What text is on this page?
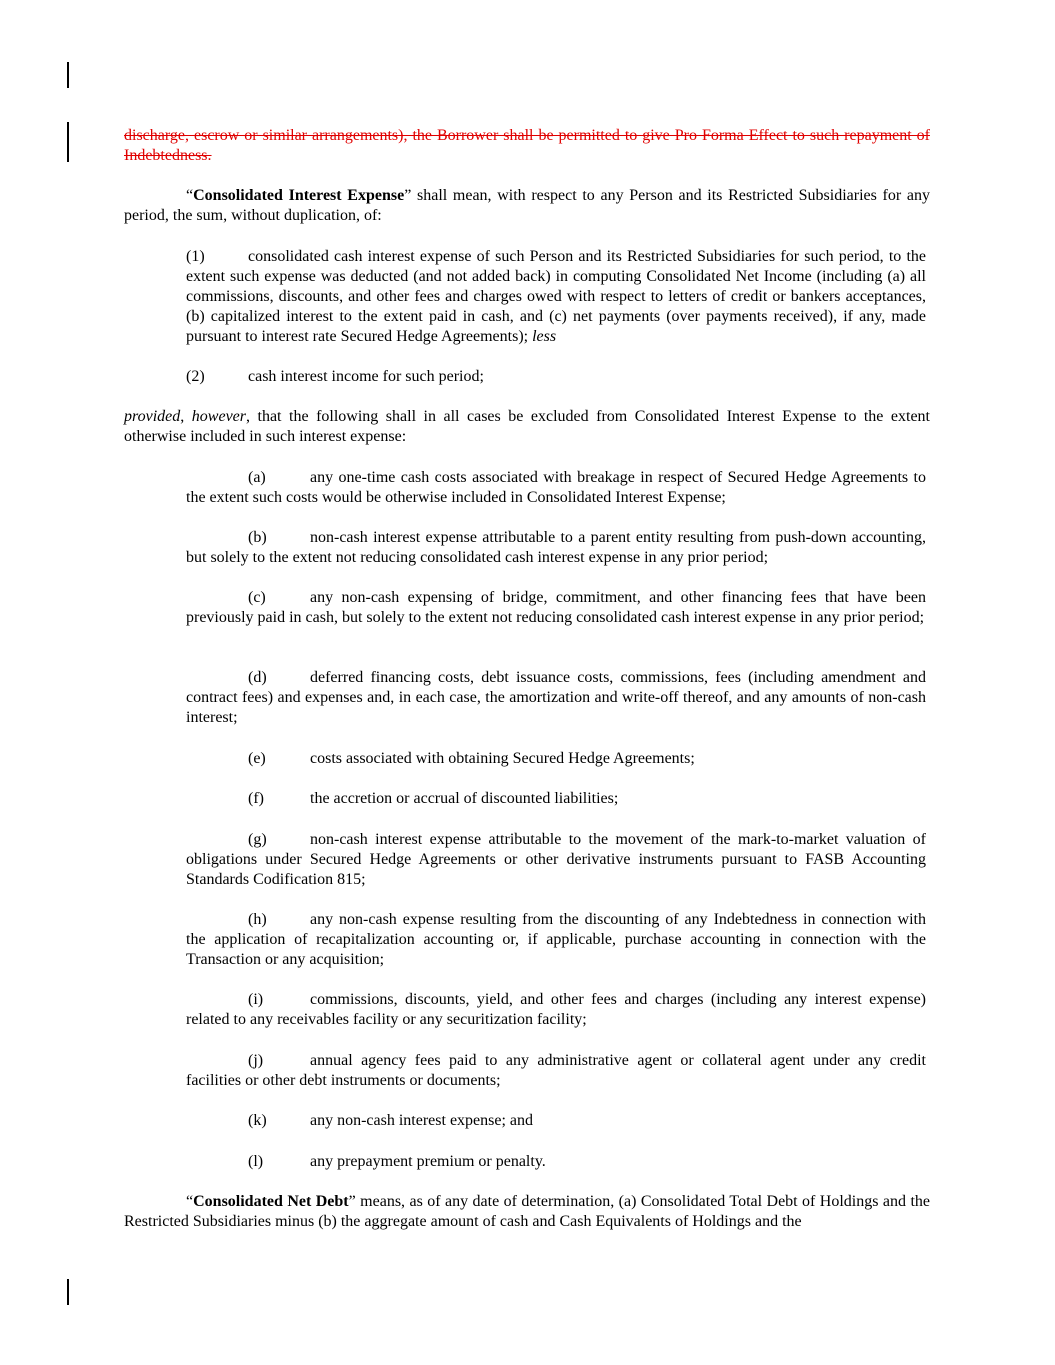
discharge, escrow or similar arrangements), the Borrower shall be permitted to give Pro Forma Effect to such repayment of Indebtedness.

“Consolidated Interest Expense” shall mean, with respect to any Person and its Restricted Subsidiaries for any period, the sum, without duplication, of:

(1)	consolidated cash interest expense of such Person and its Restricted Subsidiaries for such period, to the extent such expense was deducted (and not added back) in computing Consolidated Net Income (including (a) all commissions, discounts, and other fees and charges owed with respect to letters of credit or bankers acceptances, (b) capitalized interest to the extent paid in cash, and (c) net payments (over payments received), if any, made pursuant to interest rate Secured Hedge Agreements); less

(2)	cash interest income for such period;

provided, however, that the following shall in all cases be excluded from Consolidated Interest Expense to the extent otherwise included in such interest expense:

(a)	any one-time cash costs associated with breakage in respect of Secured Hedge Agreements to the extent such costs would be otherwise included in Consolidated Interest Expense;

(b)	non-cash interest expense attributable to a parent entity resulting from push-down accounting, but solely to the extent not reducing consolidated cash interest expense in any prior period;

(c)	any non-cash expensing of bridge, commitment, and other financing fees that have been previously paid in cash, but solely to the extent not reducing consolidated cash interest expense in any prior period;

(d)	deferred financing costs, debt issuance costs, commissions, fees (including amendment and contract fees) and expenses and, in each case, the amortization and write-off thereof, and any amounts of non-cash interest;

(e)	costs associated with obtaining Secured Hedge Agreements;

(f)	the accretion or accrual of discounted liabilities;

(g)	non-cash interest expense attributable to the movement of the mark-to-market valuation of obligations under Secured Hedge Agreements or other derivative instruments pursuant to FASB Accounting Standards Codification 815;

(h)	any non-cash expense resulting from the discounting of any Indebtedness in connection with the application of recapitalization accounting or, if applicable, purchase accounting in connection with the Transaction or any acquisition;

(i)	commissions, discounts, yield, and other fees and charges (including any interest expense) related to any receivables facility or any securitization facility;

(j)	annual agency fees paid to any administrative agent or collateral agent under any credit facilities or other debt instruments or documents;

(k)	any non-cash interest expense; and

(l)	any prepayment premium or penalty.

“Consolidated Net Debt” means, as of any date of determination, (a) Consolidated Total Debt of Holdings and the Restricted Subsidiaries minus (b) the aggregate amount of cash and Cash Equivalents of Holdings and the
